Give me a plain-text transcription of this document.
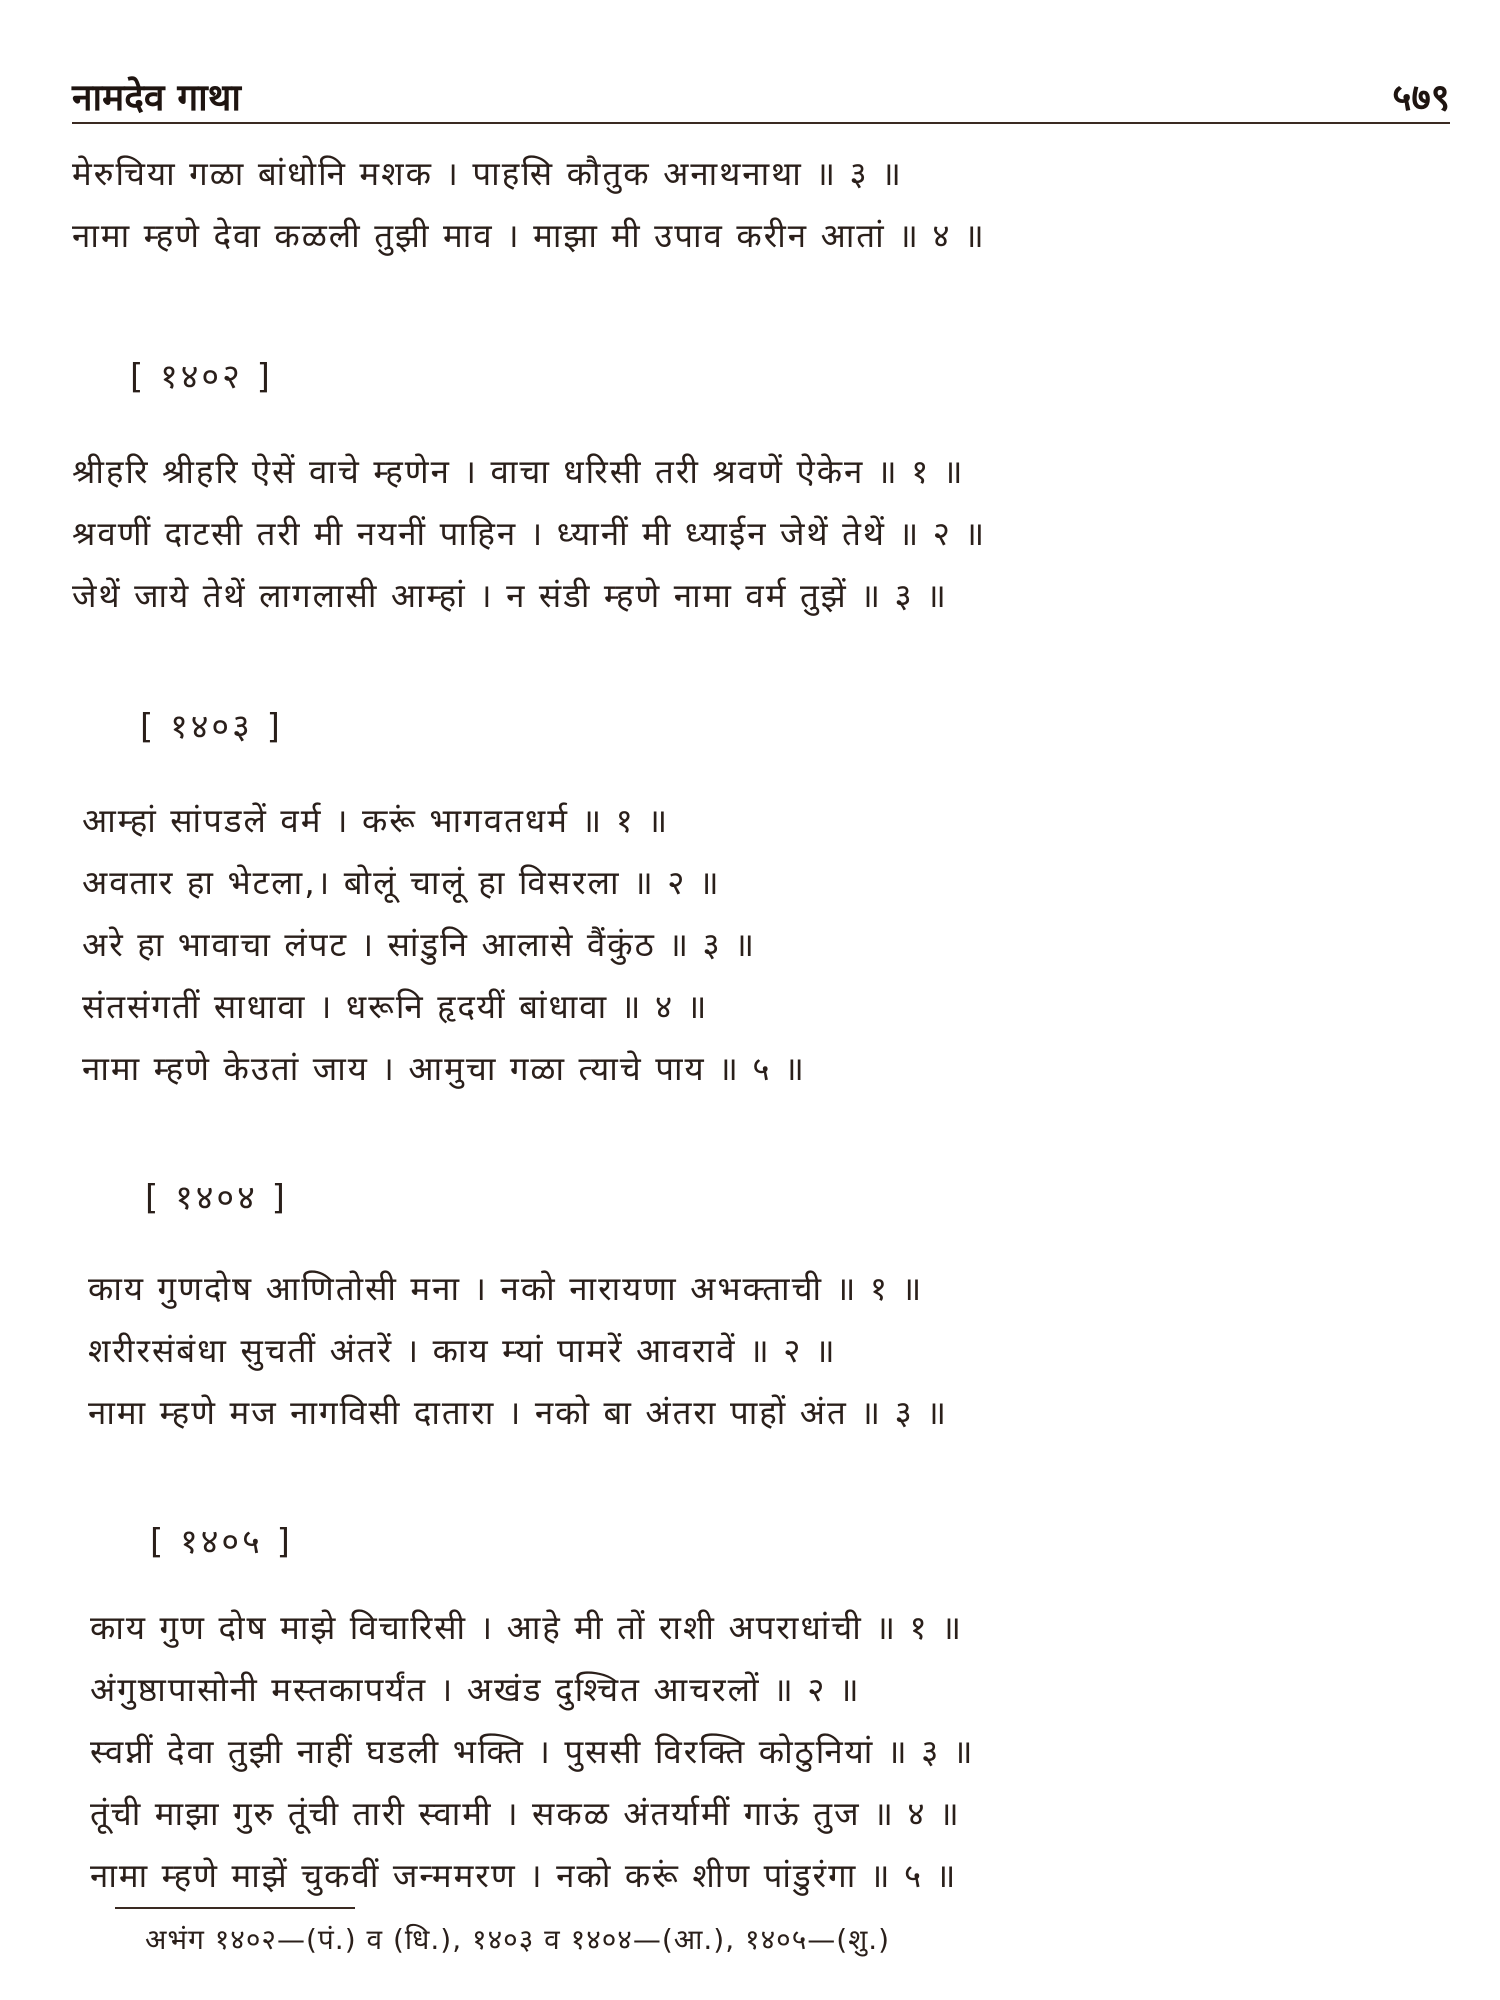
नामदेव गाथा	५७९
मेरुचिया गळा बांधोनि मशक । पाहसि कौतुक अनाथनाथा ॥ ३ ॥
नामा म्हणे देवा कळली तुझी माव । माझा मी उपाव करीन आतां ॥ ४ ॥
[ १४०२ ]
श्रीहरि श्रीहरि ऐसें वाचे म्हणेन । वाचा धरिसी तरी श्रवणें ऐकेन ॥ १ ॥
श्रवणीं दाटसी तरी मी नयनीं पाहिन । ध्यानीं मी ध्याईन जेथें तेथें ॥ २ ॥
जेथें जाये तेथें लागलासी आम्हां । न संडी म्हणे नामा वर्म तुझें ॥ ३ ॥
[ १४०३ ]
आम्हां सांपडलें वर्म । करूं भागवतधर्म ॥ १ ॥
अवतार हा भेटला,। बोलूं चालूं हा विसरला ॥ २ ॥
अरे हा भावाचा लंपट । सांडुनि आलासे वैंकुंठ ॥ ३ ॥
संतसंगतीं साधावा । धरूनि हृदयीं बांधावा ॥ ४ ॥
नामा म्हणे केउतां जाय । आमुचा गळा त्याचे पाय ॥ ५ ॥
[ १४०४ ]
काय गुणदोष आणितोसी मना । नको नारायणा अभक्ताची ॥ १ ॥
शरीरसंबंधा सुचतीं अंतरें । काय म्यां पामरें आवरावें ॥ २ ॥
नामा म्हणे मज नागविसी दातारा । नको बा अंतरा पाहों अंत ॥ ३ ॥
[ १४०५ ]
काय गुण दोष माझे विचारिसी । आहे मी तों राशी अपराधांची ॥ १ ॥
अंगुष्ठापासोनी मस्तकापर्यंत । अखंड दुश्चित आचरलों ॥ २ ॥
स्वप्नीं देवा तुझी नाहीं घडली भक्ति । पुससी विरक्ति कोठुनियां ॥ ३ ॥
तूंची माझा गुरु तूंची तारी स्वामी । सकळ अंतर्यामीं गाऊं तुज ॥ ४ ॥
नामा म्हणे माझें चुकवीं जन्ममरण । नको करूं शीण पांडुरंगा ॥ ५ ॥
अभंग १४०२—(पं.) व (धि.), १४०३ व १४०४—(आ.), १४०५—(शु.)
